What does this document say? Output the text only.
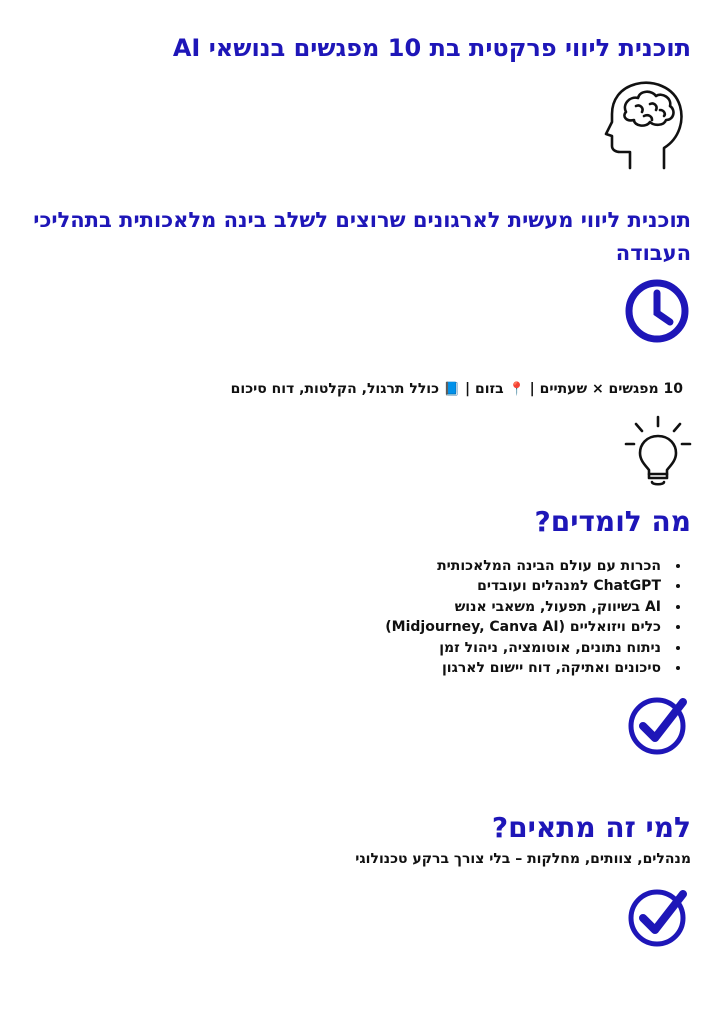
תוכנית ליווי פרקטית בת 10 מפגשים בנושאי AI
תוכנית ליווי מעשית לארגונים שרוצים לשלב בינה מלאכותית בתהליכי העבודה

10 מפגשים × שעתיים | 📍 בזום | 📘 כולל תרגול, הקלטות, דוח סיכום

מה לומדים?
• הכרות עם עולם הבינה המלאכותית
• ChatGPT למנהלים ועובדים
• AI בשיווק, תפעול, משאבי אנוש
• כלים ויזואליים (Midjourney, Canva AI)
• ניתוח נתונים, אוטומציה, ניהול זמן
• סיכונים ואתיקה, דוח יישום לארגון
למי זה מתאים?

מנהלים, צוותים, מחלקות – בלי צורך ברקע טכנולוגי
